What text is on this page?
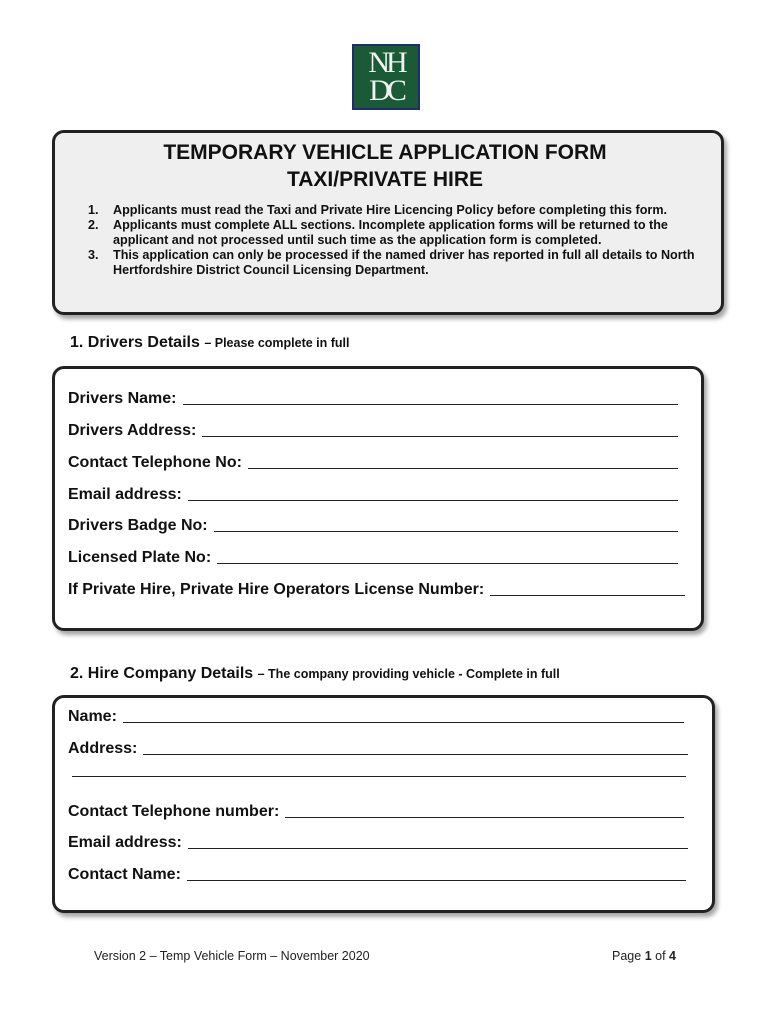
NH
DC
TEMPORARY VEHICLE APPLICATION FORM
TAXI/PRIVATE HIRE
1. Applicants must read the Taxi and Private Hire Licencing Policy before completing this form.
2. Applicants must complete ALL sections. Incomplete application forms will be returned to the applicant and not processed until such time as the application form is completed.
3. This application can only be processed if the named driver has reported in full all details to North Hertfordshire District Council Licensing Department.
1. Drivers Details – Please complete in full
Drivers Name:
Drivers Address:
Contact Telephone No:
Email address:
Drivers Badge No:
Licensed Plate No:
If Private Hire, Private Hire Operators License Number:
2. Hire Company Details – The company providing vehicle - Complete in full
Name:
Address:
Contact Telephone number:
Email address:
Contact Name:
Version 2 – Temp Vehicle Form – November 2020	Page 1 of 4
